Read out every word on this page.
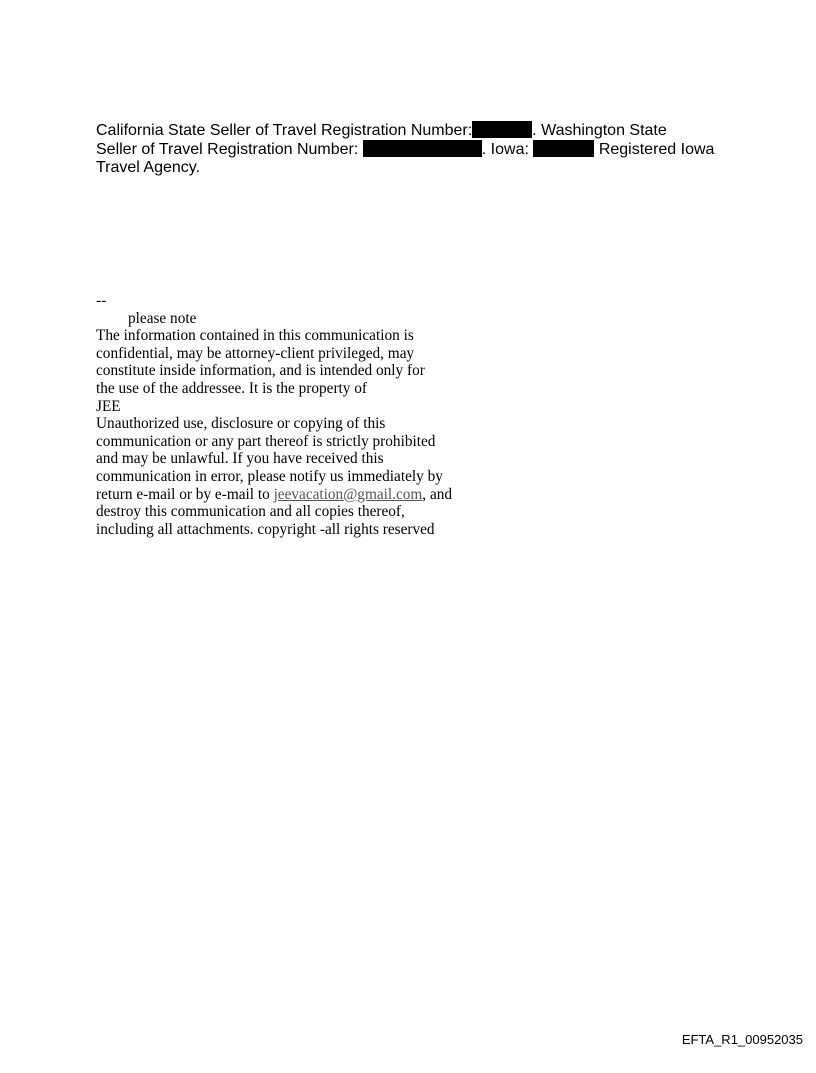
California State Seller of Travel Registration Number:	. Washington State
Seller of Travel Registration Number:	. Iowa:	Registered Iowa
Travel Agency.
--
please note
The information contained in this communication is
confidential, may be attorney-client privileged, may
constitute inside information, and is intended only for
the use of the addressee. It is the property of
JEE
Unauthorized use, disclosure or copying of this
communication or any part thereof is strictly prohibited
and may be unlawful. If you have received this
communication in error, please notify us immediately by
return e-mail or by e-mail to jeevacation@gmail.com, and
destroy this communication and all copies thereof,
including all attachments. copyright -all rights reserved
EFTA_R1_00952035
